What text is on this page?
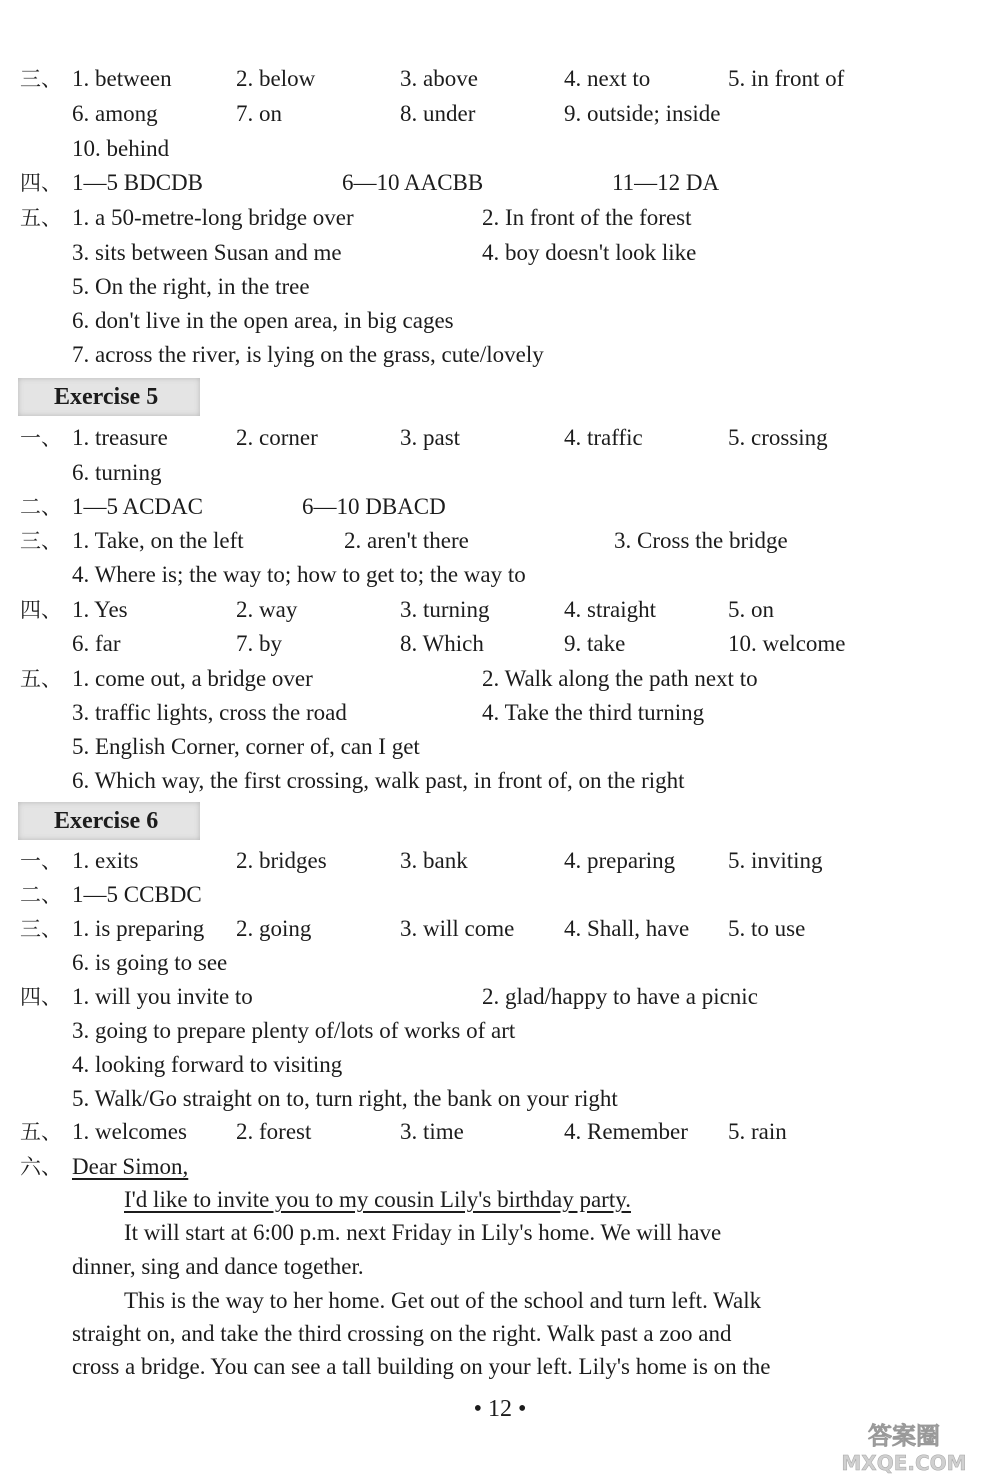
三、 1. between	2. below	3. above	4. next to	5. in front of
6. among	7. on	8. under	9. outside; inside
10. behind
四、 1—5 BDCDB	6—10 AACBB	11—12 DA
五、 1. a 50-metre-long bridge over	2. In front of the forest
3. sits between Susan and me	4. boy doesn't look like
5. On the right, in the tree
6. don't live in the open area, in big cages
7. across the river, is lying on the grass, cute/lovely
Exercise 5
一、 1. treasure	2. corner	3. past	4. traffic	5. crossing
6. turning
二、 1—5 ACDAC	6—10 DBACD
三、 1. Take, on the left	2. aren't there	3. Cross the bridge
4. Where is; the way to; how to get to; the way to
四、 1. Yes	2. way	3. turning	4. straight	5. on
6. far	7. by	8. Which	9. take	10. welcome
五、 1. come out, a bridge over	2. Walk along the path next to
3. traffic lights, cross the road	4. Take the third turning
5. English Corner, corner of, can I get
6. Which way, the first crossing, walk past, in front of, on the right
Exercise 6
一、 1. exits	2. bridges	3. bank	4. preparing 5. inviting
二、 1—5 CCBDC
三、 1. is preparing 2. going	3. will come 4. Shall, have 5. to use
6. is going to see
四、 1. will you invite to	2. glad/happy to have a picnic
3. going to prepare plenty of/lots of works of art
4. looking forward to visiting
5. Walk/Go straight on to, turn right, the bank on your right
五、 1. welcomes 2. forest	3. time	4. Remember 5. rain
六、 Dear Simon,
I'd like to invite you to my cousin Lily's birthday party.
It will start at 6:00 p.m. next Friday in Lily's home. We will have
dinner, sing and dance together.
This is the way to her home. Get out of the school and turn left. Walk
straight on, and take the third crossing on the right. Walk past a zoo and
cross a bridge. You can see a tall building on your left. Lily's home is on the
• 12 •
答案圈
MXQE.COM
